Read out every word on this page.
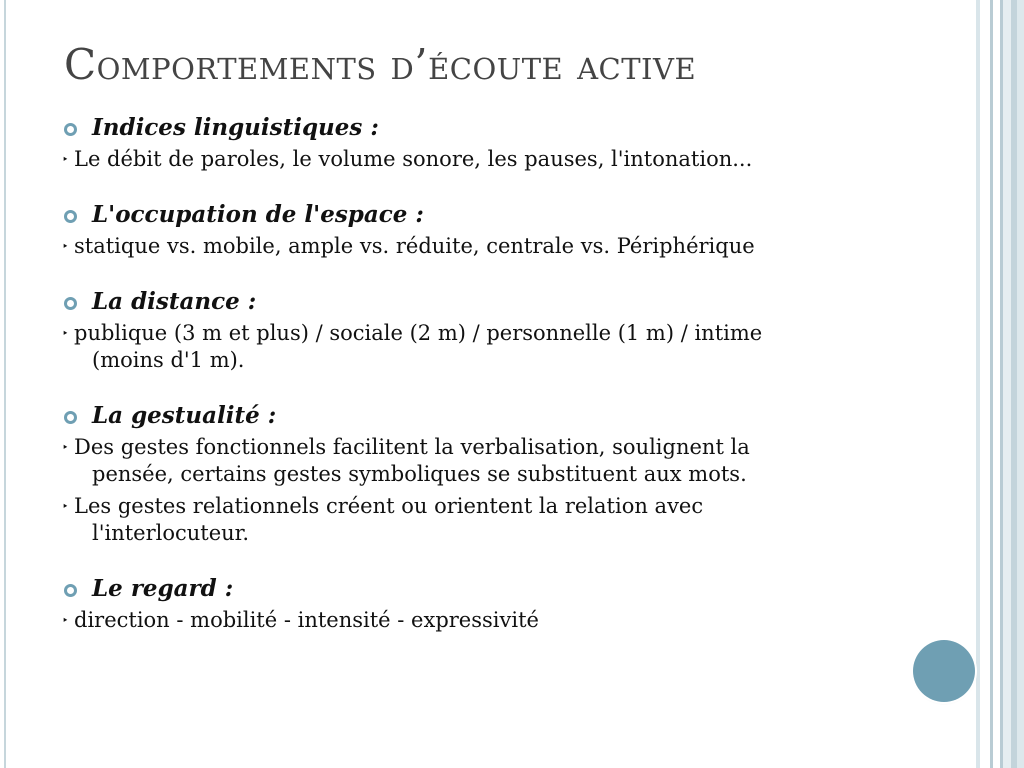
Comportements d’écoute active
Indices linguistiques :
‣ Le débit de paroles, le volume sonore, les pauses, l'intonation...
L'occupation de l'espace :
‣ statique vs. mobile, ample vs. réduite, centrale vs. Périphérique
La distance :
‣ publique (3 m et plus) / sociale (2 m) / personnelle (1 m) / intime
(moins d'1 m).
La gestualité :
‣ Des gestes fonctionnels facilitent la verbalisation, soulignent la
pensée, certains gestes symboliques se substituent aux mots.
‣ Les gestes relationnels créent ou orientent la relation avec
l'interlocuteur.
Le regard :
‣ direction - mobilité - intensité - expressivité
